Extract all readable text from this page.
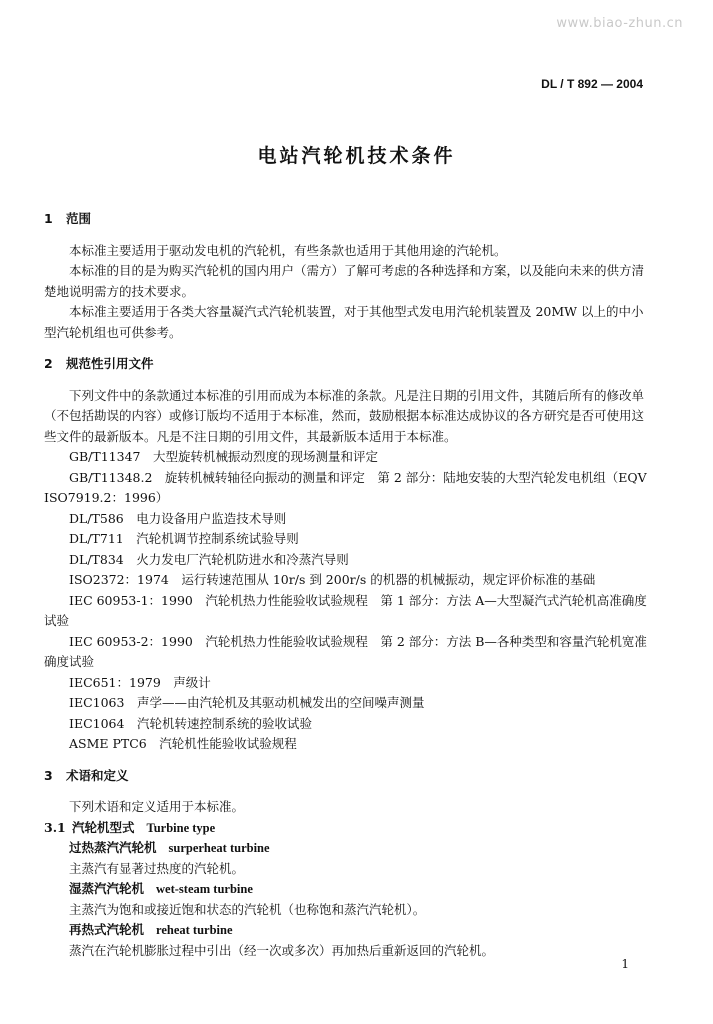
www.biao-zhun.cn
DL / T 892 — 2004
电站汽轮机技术条件

1 范围

本标准主要适用于驱动发电机的汽轮机，有些条款也适用于其他用途的汽轮机。

本标准的目的是为购买汽轮机的国内用户（需方）了解可考虑的各种选择和方案，以及能向未来的供方清楚地说明需方的技术要求。

本标准主要适用于各类大容量凝汽式汽轮机装置，对于其他型式发电用汽轮机装置及 20MW 以上的中小型汽轮机组也可供参考。

2 规范性引用文件

下列文件中的条款通过本标准的引用而成为本标准的条款。凡是注日期的引用文件，其随后所有的修改单（不包括勘误的内容）或修订版均不适用于本标准，然而，鼓励根据本标准达成协议的各方研究是否可使用这些文件的最新版本。凡是不注日期的引用文件，其最新版本适用于本标准。

GB/T11347　大型旋转机械振动烈度的现场测量和评定

GB/T11348.2　旋转机械转轴径向振动的测量和评定　第 2 部分：陆地安装的大型汽轮发电机组（EQV ISO7919.2：1996）

DL/T586　电力设备用户监造技术导则

DL/T711　汽轮机调节控制系统试验导则

DL/T834　火力发电厂汽轮机防进水和冷蒸汽导则

ISO2372：1974　运行转速范围从 10r/s 到 200r/s 的机器的机械振动，规定评价标准的基础

IEC 60953-1：1990　汽轮机热力性能验收试验规程　第 1 部分：方法 A—大型凝汽式汽轮机高准确度试验

IEC 60953-2：1990　汽轮机热力性能验收试验规程　第 2 部分：方法 B—各种类型和容量汽轮机宽准确度试验

IEC651：1979　声级计

IEC1063　声学——由汽轮机及其驱动机械发出的空间噪声测量

IEC1064　汽轮机转速控制系统的验收试验

ASME PTC6　汽轮机性能验收试验规程

3 术语和定义

下列术语和定义适用于本标准。

3.1 汽轮机型式 Turbine type

过热蒸汽汽轮机 surperheat turbine

主蒸汽有显著过热度的汽轮机。

湿蒸汽汽轮机 wet-steam turbine

主蒸汽为饱和或接近饱和状态的汽轮机（也称饱和蒸汽汽轮机）。

再热式汽轮机 reheat turbine

蒸汽在汽轮机膨胀过程中引出（经一次或多次）再加热后重新返回的汽轮机。

1
